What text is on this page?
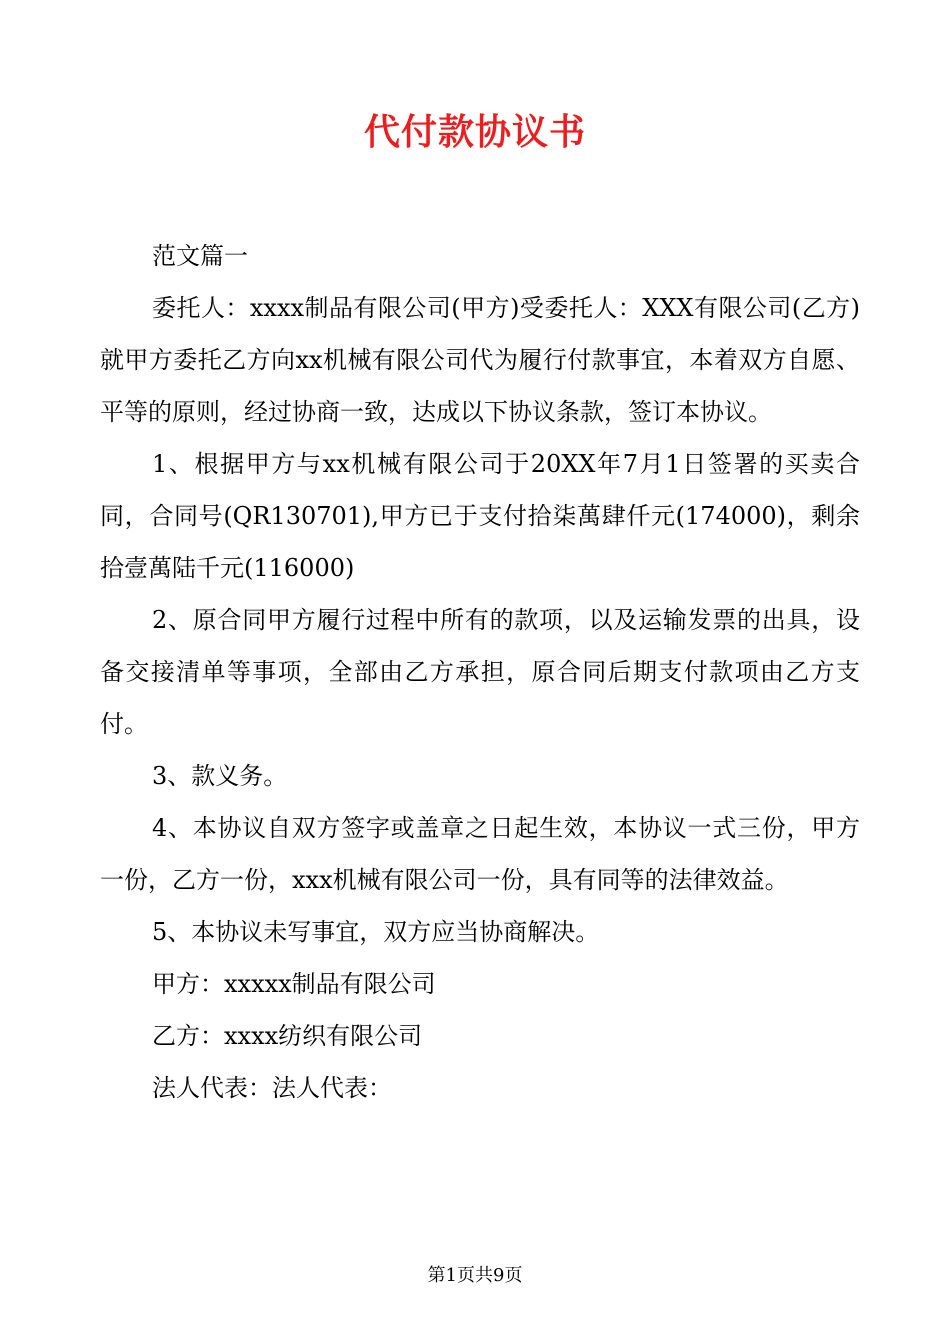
代付款协议书

范文篇一

委托人：xxxx制品有限公司(甲方)受委托人：XXX有限公司(乙方)就甲方委托乙方向xx机械有限公司代为履行付款事宜，本着双方自愿、平等的原则，经过协商一致，达成以下协议条款，签订本协议。

1、根据甲方与xx机械有限公司于20XX年7月1日签署的买卖合同，合同号(QR130701),甲方已于支付拾柒萬肆仟元(174000)，剩余拾壹萬陆千元(116000)

2、原合同甲方履行过程中所有的款项，以及运输发票的出具，设备交接清单等事项，全部由乙方承担，原合同后期支付款项由乙方支付。

3、款义务。

4、本协议自双方签字或盖章之日起生效，本协议一式三份，甲方一份，乙方一份，xxx机械有限公司一份，具有同等的法律效益。

5、本协议未写事宜，双方应当协商解决。

甲方：xxxxx制品有限公司

乙方：xxxx纺织有限公司

法人代表：法人代表：

第1页共9页
